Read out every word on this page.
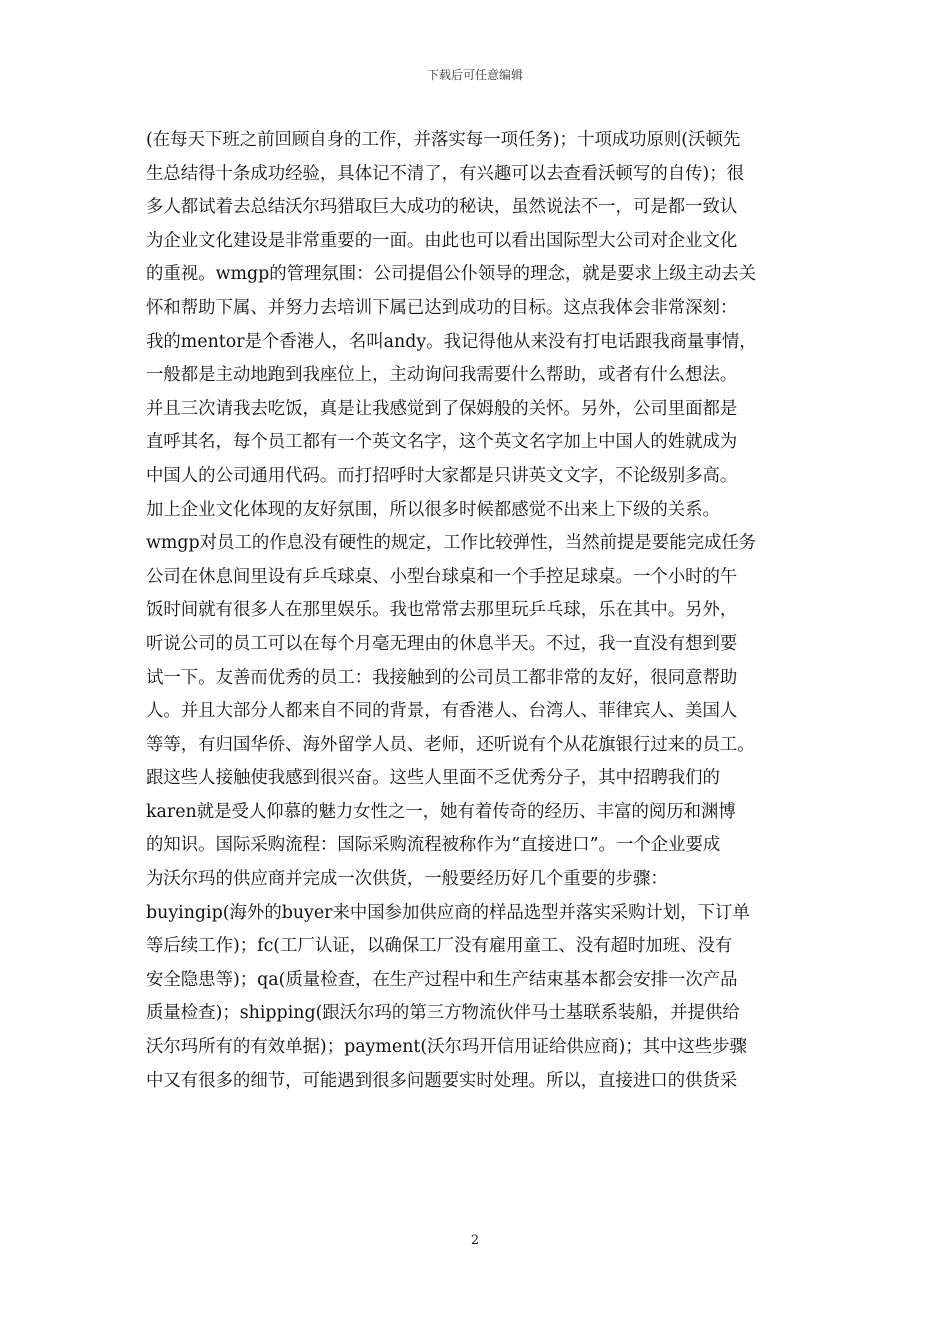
下载后可任意编辑
(在每天下班之前回顾自身的工作，并落实每一项任务)；十项成功原则(沃顿先
生总结得十条成功经验，具体记不清了，有兴趣可以去查看沃顿写的自传)；很
多人都试着去总结沃尔玛猎取巨大成功的秘诀，虽然说法不一，可是都一致认
为企业文化建设是非常重要的一面。由此也可以看出国际型大公司对企业文化
的重视。wmgp的管理氛围：公司提倡公仆领导的理念，就是要求上级主动去关
怀和帮助下属、并努力去培训下属已达到成功的目标。这点我体会非常深刻：
我的mentor是个香港人，名叫andy。我记得他从来没有打电话跟我商量事情，
一般都是主动地跑到我座位上，主动询问我需要什么帮助，或者有什么想法。
并且三次请我去吃饭，真是让我感觉到了保姆般的关怀。另外，公司里面都是
直呼其名，每个员工都有一个英文名字，这个英文名字加上中国人的姓就成为
中国人的公司通用代码。而打招呼时大家都是只讲英文文字，不论级别多高。
加上企业文化体现的友好氛围，所以很多时候都感觉不出来上下级的关系。
wmgp对员工的作息没有硬性的规定，工作比较弹性，当然前提是要能完成任务
公司在休息间里设有乒乓球桌、小型台球桌和一个手控足球桌。一个小时的午
饭时间就有很多人在那里娱乐。我也常常去那里玩乒乓球，乐在其中。另外，
听说公司的员工可以在每个月毫无理由的休息半天。不过，我一直没有想到要
试一下。友善而优秀的员工：我接触到的公司员工都非常的友好，很同意帮助
人。并且大部分人都来自不同的背景，有香港人、台湾人、菲律宾人、美国人
等等，有归国华侨、海外留学人员、老师，还听说有个从花旗银行过来的员工。
跟这些人接触使我感到很兴奋。这些人里面不乏优秀分子，其中招聘我们的
karen就是受人仰慕的魅力女性之一，她有着传奇的经历、丰富的阅历和渊博
的知识。国际采购流程：国际采购流程被称作为“直接进口”。一个企业要成
为沃尔玛的供应商并完成一次供货，一般要经历好几个重要的步骤：
buyingip(海外的buyer来中国参加供应商的样品选型并落实采购计划，下订单
等后续工作)；fc(工厂认证，以确保工厂没有雇用童工、没有超时加班、没有
安全隐患等)；qa(质量检查，在生产过程中和生产结束基本都会安排一次产品
质量检查)；shipping(跟沃尔玛的第三方物流伙伴马士基联系装船，并提供给
沃尔玛所有的有效单据)；payment(沃尔玛开信用证给供应商)；其中这些步骤
中又有很多的细节，可能遇到很多问题要实时处理。所以，直接进口的供货采
2
